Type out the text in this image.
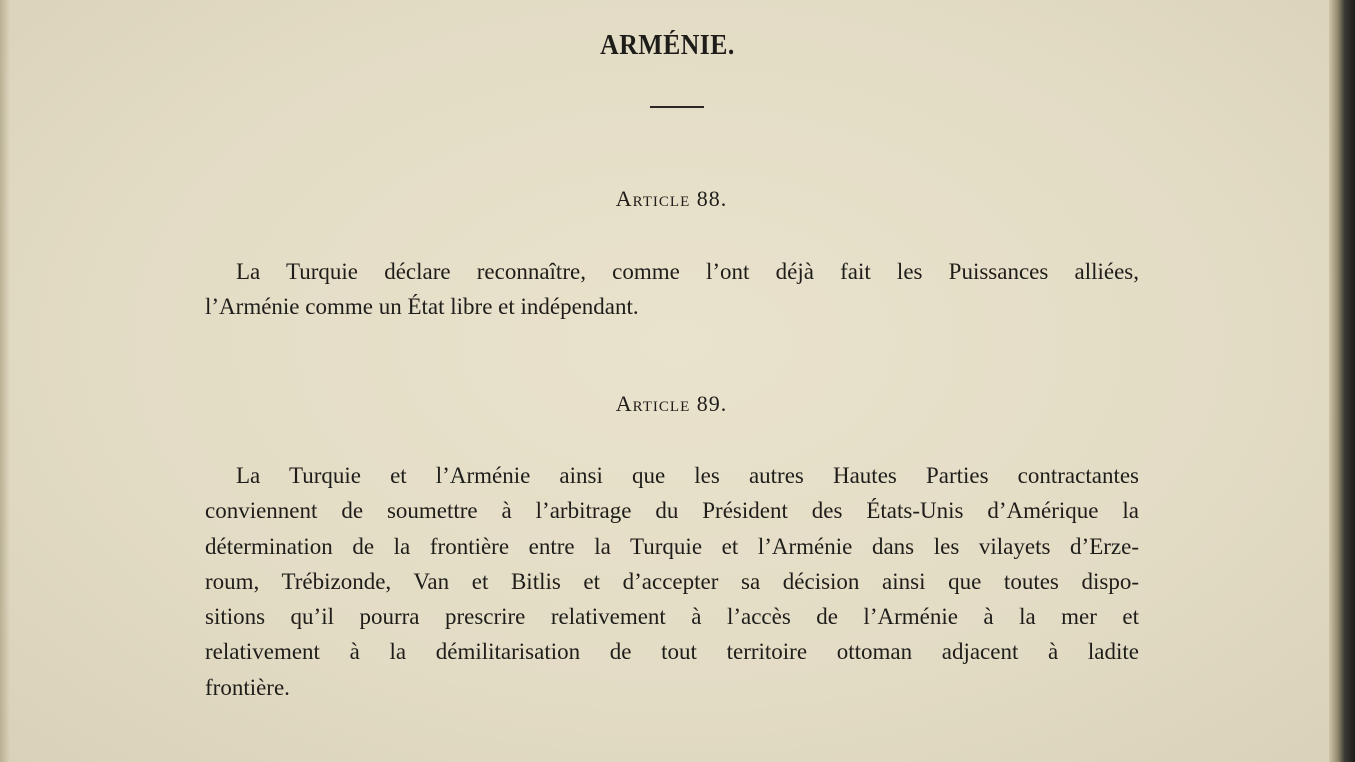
ARMÉNIE.
Article 88.
La Turquie déclare reconnaître, comme l’ont déjà fait les Puissances alliées,
l’Arménie comme un État libre et indépendant.
Article 89.
La Turquie et l’Arménie ainsi que les autres Hautes Parties contractantes
conviennent de soumettre à l’arbitrage du Président des États-Unis d’Amérique la
détermination de la frontière entre la Turquie et l’Arménie dans les vilayets d’Erze-
roum, Trébizonde, Van et Bitlis et d’accepter sa décision ainsi que toutes dispo-
sitions qu’il pourra prescrire relativement à l’accès de l’Arménie à la mer et
relativement à la démilitarisation de tout territoire ottoman adjacent à ladite
frontière.
